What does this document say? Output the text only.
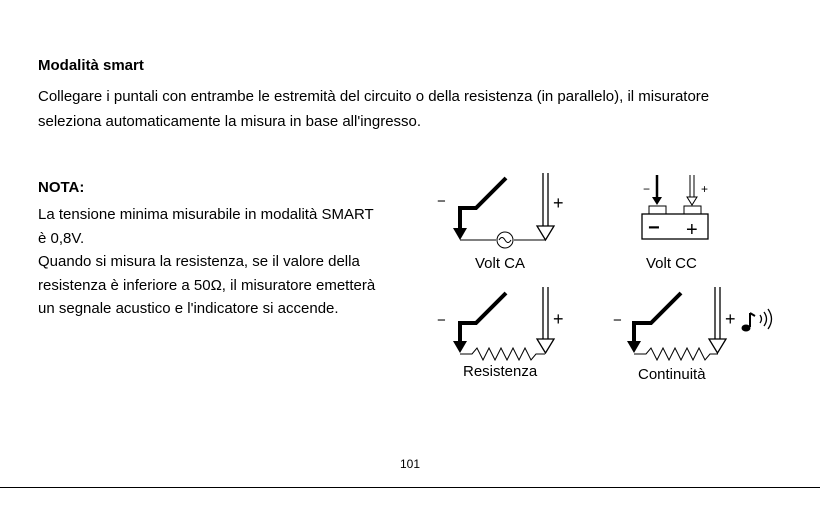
Modalità smart

Collegare i puntali con entrambe le estremità del circuito o della resistenza (in parallelo), il misuratore

seleziona automaticamente la misura in base all'ingresso.

NOTA:

La tensione minima misurabile in modalità SMART

è 0,8V.

Quando si misura la resistenza, se il valore della

resistenza è inferiore a 50Ω, il misuratore emetterà

un segnale acustico e l'indicatore si accende.

−	+
Volt CA
−	+
− +
Volt CC
−	+
Resistenza
−	+
Continuità
101
